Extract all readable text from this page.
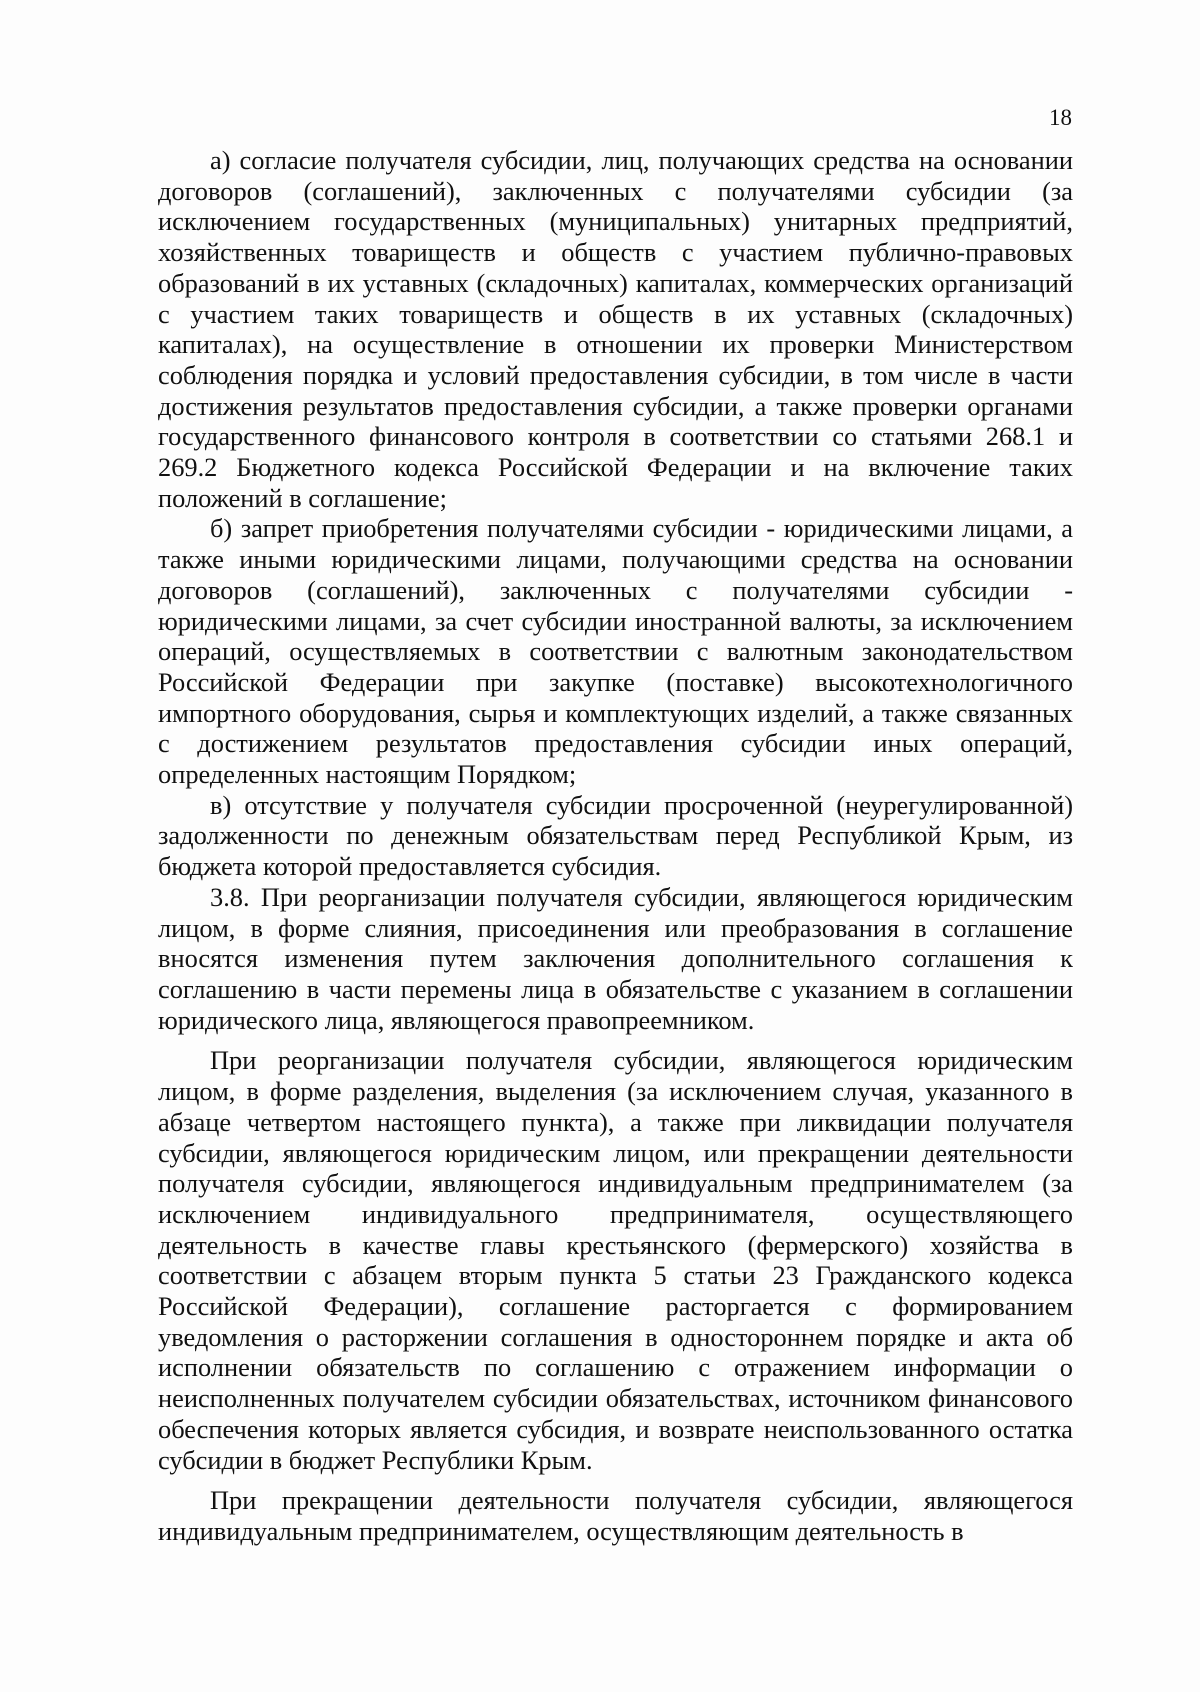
18

а) согласие получателя субсидии, лиц, получающих средства на основании договоров (соглашений), заключенных с получателями субсидии (за исключением государственных (муниципальных) унитарных предприятий, хозяйственных товариществ и обществ с участием публично-правовых образований в их уставных (складочных) капиталах, коммерческих организаций с участием таких товариществ и обществ в их уставных (складочных) капиталах), на осуществление в отношении их проверки Министерством соблюдения порядка и условий предоставления субсидии, в том числе в части достижения результатов предоставления субсидии, а также проверки органами государственного финансового контроля в соответствии со статьями 268.1 и 269.2 Бюджетного кодекса Российской Федерации и на включение таких положений в соглашение;

б) запрет приобретения получателями субсидии - юридическими лицами, а также иными юридическими лицами, получающими средства на основании договоров (соглашений), заключенных с получателями субсидии - юридическими лицами, за счет субсидии иностранной валюты, за исключением операций, осуществляемых в соответствии с валютным законодательством Российской Федерации при закупке (поставке) высокотехнологичного импортного оборудования, сырья и комплектующих изделий, а также связанных с достижением результатов предоставления субсидии иных операций, определенных настоящим Порядком;

в) отсутствие у получателя субсидии просроченной (неурегулированной) задолженности по денежным обязательствам перед Республикой Крым, из бюджета которой предоставляется субсидия.

3.8. При реорганизации получателя субсидии, являющегося юридическим лицом, в форме слияния, присоединения или преобразования в соглашение вносятся изменения путем заключения дополнительного соглашения к соглашению в части перемены лица в обязательстве с указанием в соглашении юридического лица, являющегося правопреемником.

При реорганизации получателя субсидии, являющегося юридическим лицом, в форме разделения, выделения (за исключением случая, указанного в абзаце четвертом настоящего пункта), а также при ликвидации получателя субсидии, являющегося юридическим лицом, или прекращении деятельности получателя субсидии, являющегося индивидуальным предпринимателем (за исключением индивидуального предпринимателя, осуществляющего деятельность в качестве главы крестьянского (фермерского) хозяйства в соответствии с абзацем вторым пункта 5 статьи 23 Гражданского кодекса Российской Федерации), соглашение расторгается с формированием уведомления о расторжении соглашения в одностороннем порядке и акта об исполнении обязательств по соглашению с отражением информации о неисполненных получателем субсидии обязательствах, источником финансового обеспечения которых является субсидия, и возврате неиспользованного остатка субсидии в бюджет Республики Крым.

При прекращении деятельности получателя субсидии, являющегося индивидуальным предпринимателем, осуществляющим деятельность в
